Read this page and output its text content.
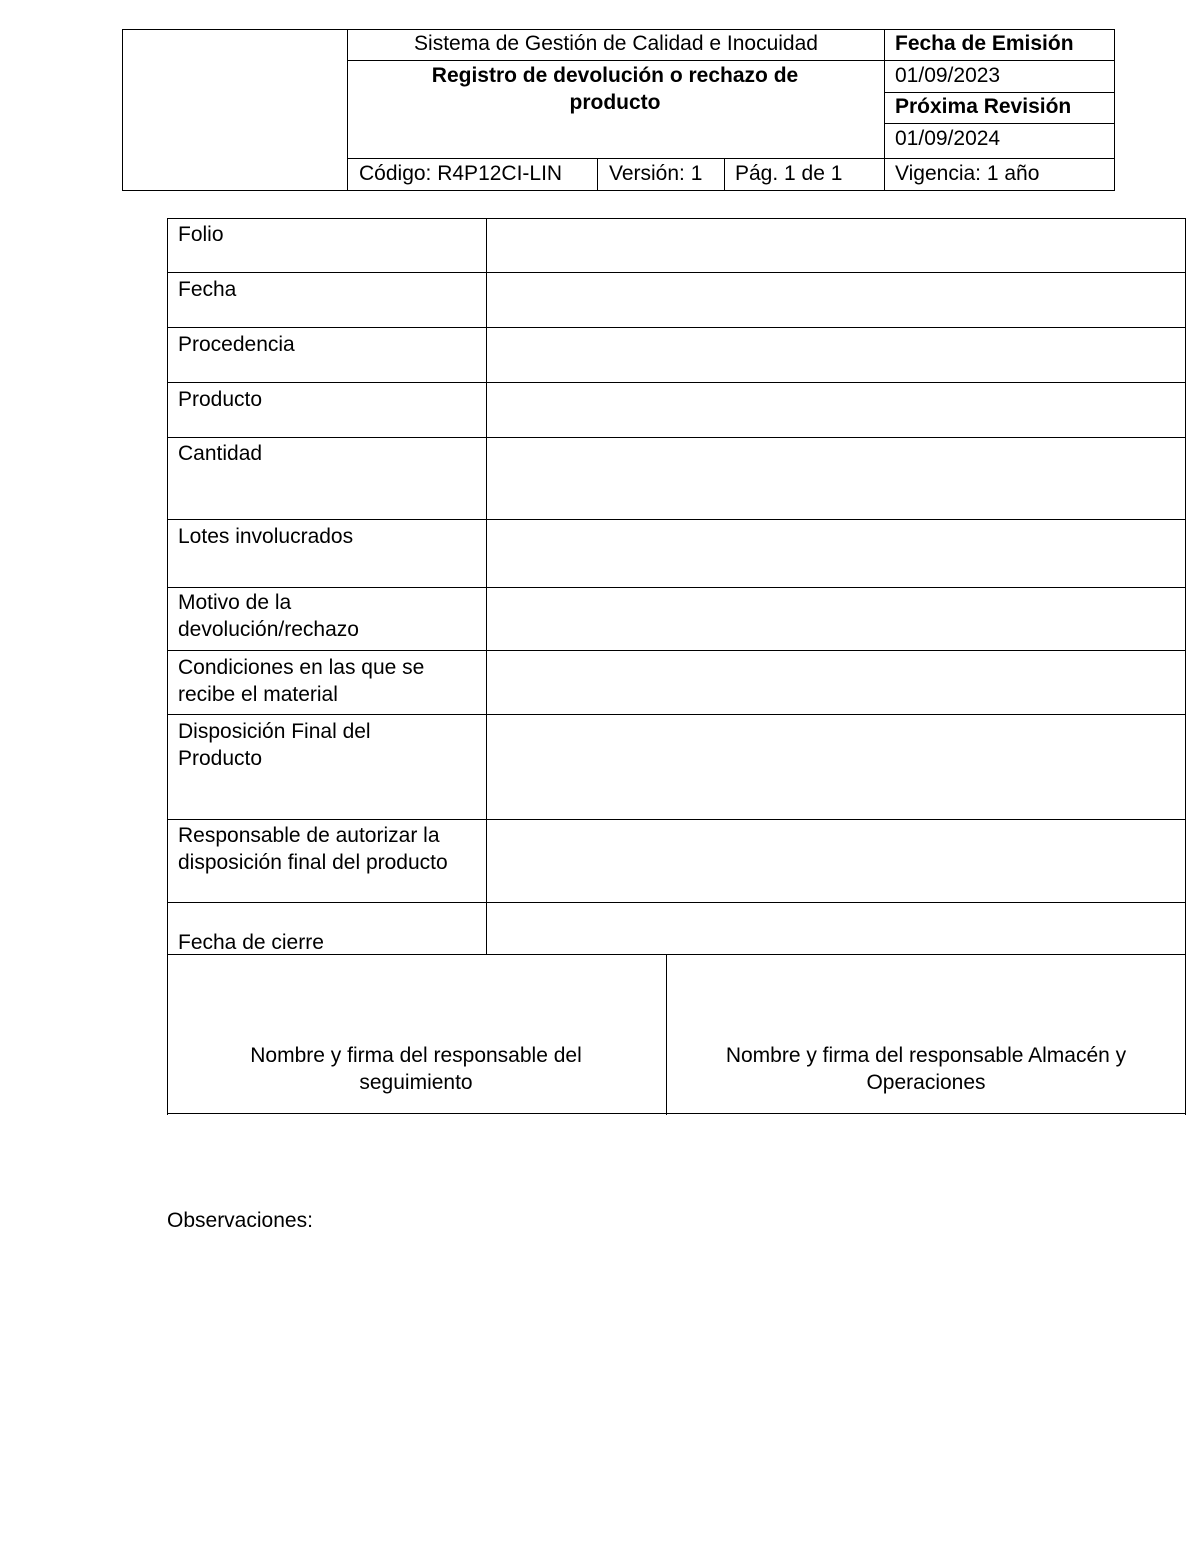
Sistema de Gestión de Calidad e Inocuidad
Registro de devolución o rechazo de producto
Fecha de Emisión
01/09/2023
Próxima Revisión
01/09/2024
Código: R4P12CI-LIN Versión: 1 Pág. 1 de 1	Vigencia: 1 año
Folio
Fecha
Procedencia
Producto
Cantidad
Lotes involucrados
Motivo de la devolución/rechazo
Condiciones en las que se recibe el material
Disposición Final del Producto
Responsable de autorizar la disposición final del producto
Fecha de cierre
Nombre y firma del responsable del seguimiento
Nombre y firma del responsable Almacén y Operaciones
Observaciones:
